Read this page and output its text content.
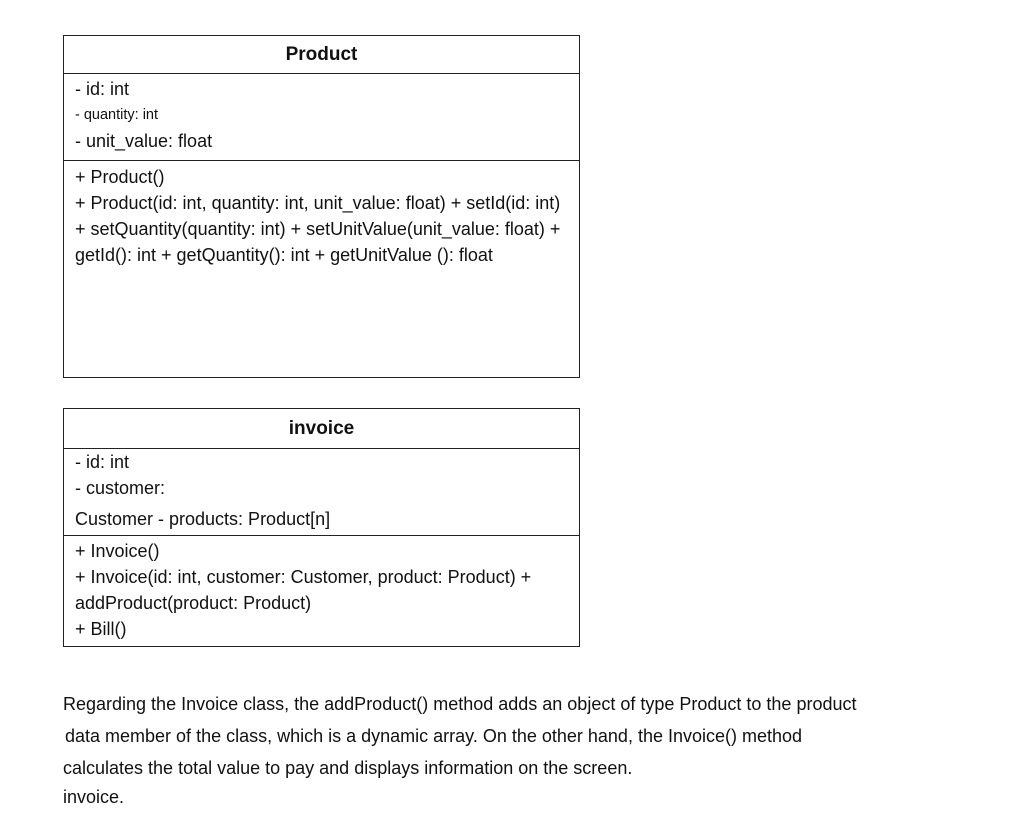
Product
- id: int
- quantity: int
- unit_value: float
+ Product()
+ Product(id: int, quantity: int, unit_value: float) + setId(id: int) + setQuantity(quantity: int) + setUnitValue(unit_value: float) + getId(): int + getQuantity(): int + getUnitValue (): float
invoice
- id: int
- customer:
Customer - products: Product[n]
+ Invoice()
+ Invoice(id: int, customer: Customer, product: Product) + addProduct(product: Product)
+ Bill()
Regarding the Invoice class, the addProduct() method adds an object of type Product to the product
data member of the class, which is a dynamic array. On the other hand, the Invoice() method
calculates the total value to pay and displays information on the screen.
invoice.
